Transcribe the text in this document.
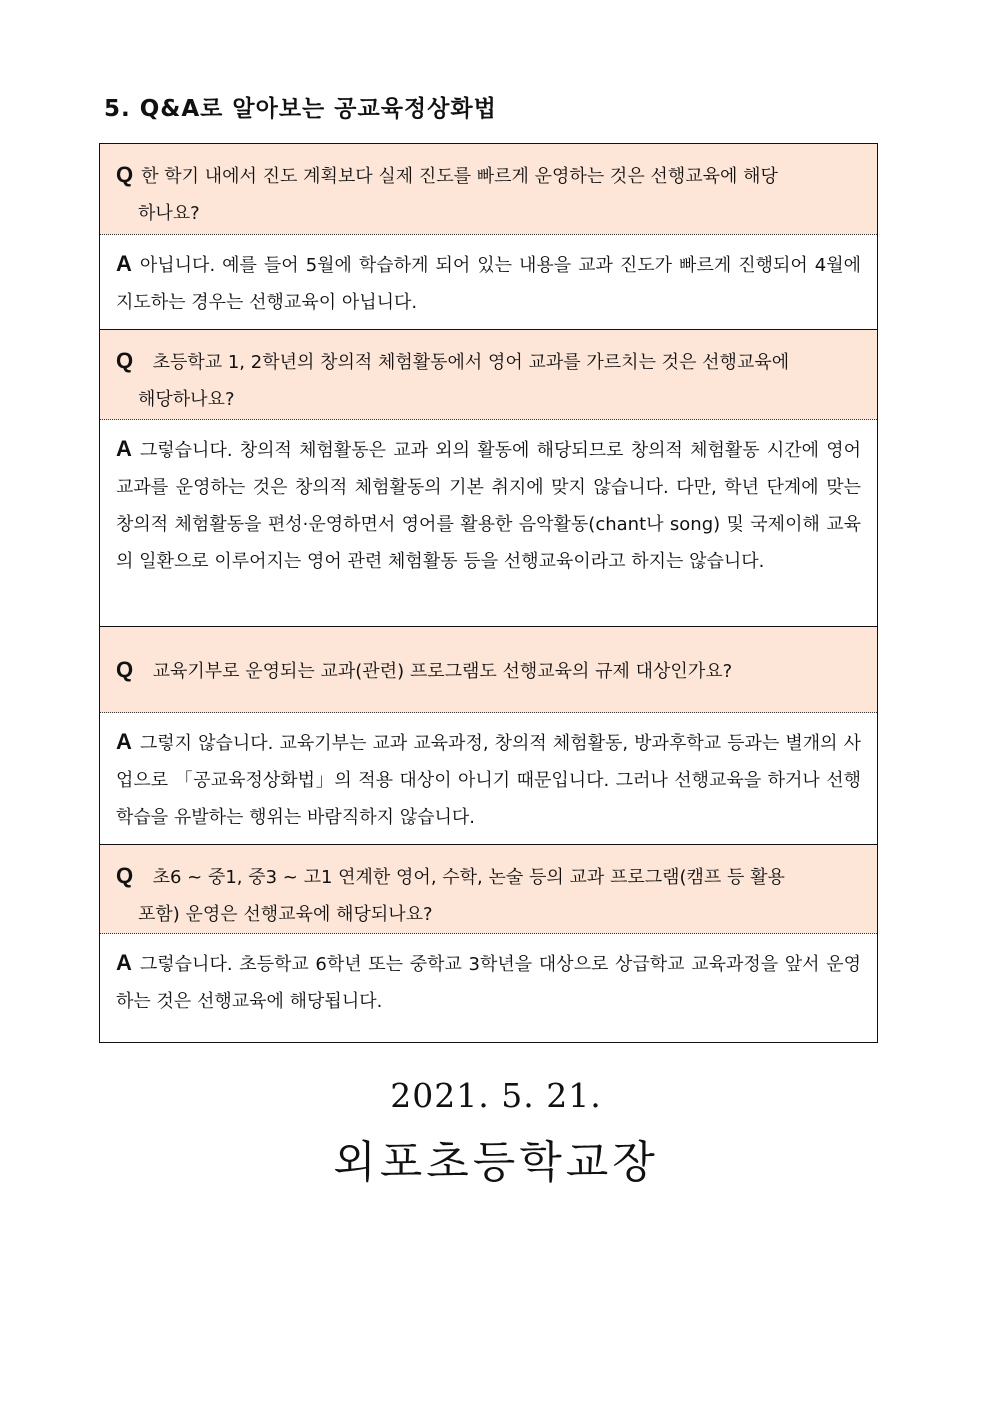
5. Q&A로 알아보는 공교육정상화법
Q 한 학기 내에서 진도 계획보다 실제 진도를 빠르게 운영하는 것은 선행교육에 해당
하나요?
A 아닙니다. 예를 들어 5월에 학습하게 되어 있는 내용을 교과 진도가 빠르게 진행되어 4월에 지도하는 경우는 선행교육이 아닙니다.
Q 초등학교 1, 2학년의 창의적 체험활동에서 영어 교과를 가르치는 것은 선행교육에
해당하나요?
A 그렇습니다. 창의적 체험활동은 교과 외의 활동에 해당되므로 창의적 체험활동 시간에 영어교과를 운영하는 것은 창의적 체험활동의 기본 취지에 맞지 않습니다. 다만, 학년 단계에 맞는 창의적 체험활동을 편성·운영하면서 영어를 활용한 음악활동(chant나 song) 및 국제이해 교육의 일환으로 이루어지는 영어 관련 체험활동 등을 선행교육이라고 하지는 않습니다.
Q 교육기부로 운영되는 교과(관련) 프로그램도 선행교육의 규제 대상인가요?
A 그렇지 않습니다. 교육기부는 교과 교육과정, 창의적 체험활동, 방과후학교 등과는 별개의 사업으로 「공교육정상화법」의 적용 대상이 아니기 때문입니다. 그러나 선행교육을 하거나 선행학습을 유발하는 행위는 바람직하지 않습니다.
Q 초6 ~ 중1, 중3 ~ 고1 연계한 영어, 수학, 논술 등의 교과 프로그램(캠프 등 활용
포함) 운영은 선행교육에 해당되나요?
A 그렇습니다. 초등학교 6학년 또는 중학교 3학년을 대상으로 상급학교 교육과정을 앞서 운영하는 것은 선행교육에 해당됩니다.
2021. 5. 21.
외포초등학교장
